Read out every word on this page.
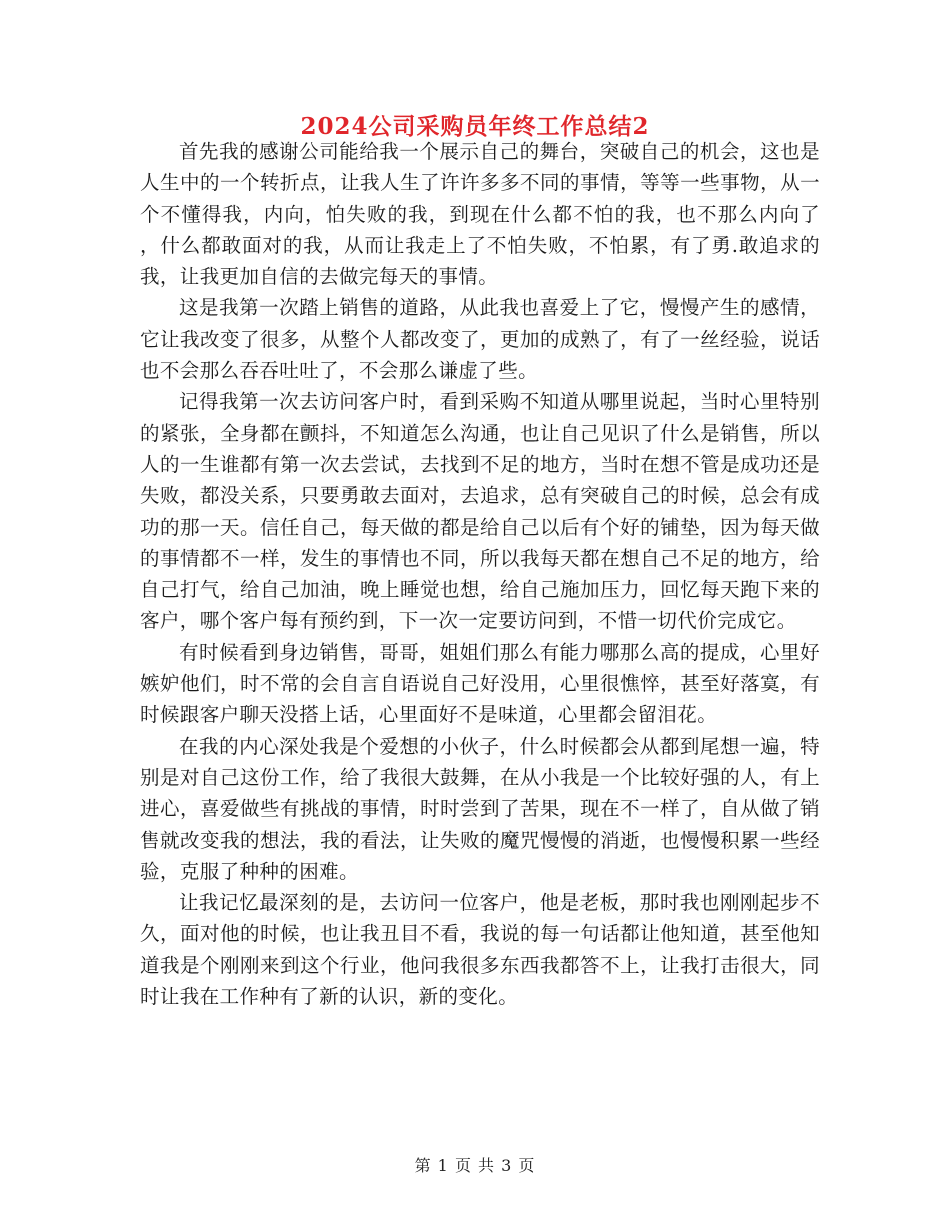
2024公司采购员年终工作总结2

首先我的感谢公司能给我一个展示自己的舞台，突破自己的机会，这也是人生中的一个转折点，让我人生了许许多多不同的事情，等等一些事物，从一个不懂得我，内向，怕失败的我，到现在什么都不怕的我，也不那么内向了 ，什么都敢面对的我，从而让我走上了不怕失败，不怕累，有了勇.敢追求的我，让我更加自信的去做完每天的事情。

这是我第一次踏上销售的道路，从此我也喜爱上了它，慢慢产生的感情，它让我改变了很多，从整个人都改变了，更加的成熟了，有了一丝经验，说话也不会那么吞吞吐吐了，不会那么谦虚了些。

记得我第一次去访问客户时，看到采购不知道从哪里说起，当时心里特别的紧张，全身都在颤抖，不知道怎么沟通，也让自己见识了什么是销售，所以人的一生谁都有第一次去尝试，去找到不足的地方，当时在想不管是成功还是失败，都没关系，只要勇敢去面对，去追求，总有突破自己的时候，总会有成功的那一天。信任自己，每天做的都是给自己以后有个好的铺垫，因为每天做的事情都不一样，发生的事情也不同，所以我每天都在想自己不足的地方，给自己打气，给自己加油，晚上睡觉也想，给自己施加压力，回忆每天跑下来的客户，哪个客户每有预约到，下一次一定要访问到，不惜一切代价完成它。

有时候看到身边销售，哥哥，姐姐们那么有能力哪那么高的提成，心里好嫉妒他们，时不常的会自言自语说自己好没用，心里很憔悴，甚至好落寞，有时候跟客户聊天没搭上话，心里面好不是味道，心里都会留泪花。

在我的内心深处我是个爱想的小伙子，什么时候都会从都到尾想一遍，特别是对自己这份工作，给了我很大鼓舞，在从小我是一个比较好强的人，有上进心，喜爱做些有挑战的事情，时时尝到了苦果，现在不一样了，自从做了销售就改变我的想法，我的看法，让失败的魔咒慢慢的消逝，也慢慢积累一些经验，克服了种种的困难。

让我记忆最深刻的是，去访问一位客户，他是老板，那时我也刚刚起步不久，面对他的时候，也让我丑目不看，我说的每一句话都让他知道，甚至他知道我是个刚刚来到这个行业，他问我很多东西我都答不上，让我打击很大，同时让我在工作种有了新的认识，新的变化。

第 1 页 共 3 页
